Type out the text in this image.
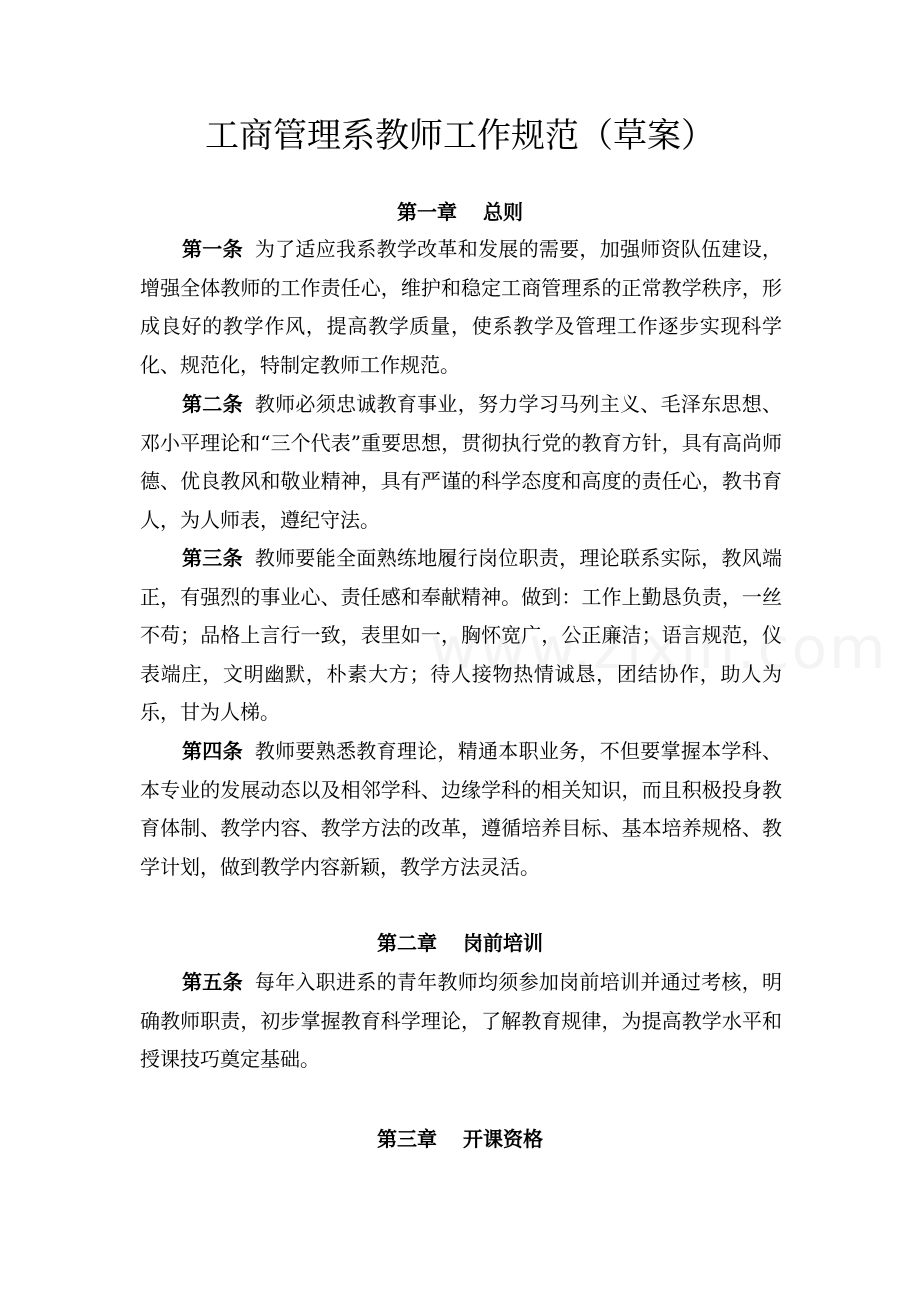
工商管理系教师工作规范（草案）
第一章 总则

第一条 为了适应我系教学改革和发展的需要，加强师资队伍建设，增强全体教师的工作责任心，维护和稳定工商管理系的正常教学秩序，形成良好的教学作风，提高教学质量，使系教学及管理工作逐步实现科学化、规范化，特制定教师工作规范。

第二条 教师必须忠诚教育事业，努力学习马列主义、毛泽东思想、邓小平理论和“三个代表”重要思想，贯彻执行党的教育方针，具有高尚师德、优良教风和敬业精神，具有严谨的科学态度和高度的责任心，教书育人，为人师表，遵纪守法。

第三条 教师要能全面熟练地履行岗位职责，理论联系实际，教风端正，有强烈的事业心、责任感和奉献精神。做到：工作上勤恳负责，一丝不苟；品格上言行一致，表里如一，胸怀宽广，公正廉洁；语言规范，仪表端庄，文明幽默，朴素大方；待人接物热情诚恳，团结协作，助人为乐，甘为人梯。

第四条 教师要熟悉教育理论，精通本职业务，不但要掌握本学科、本专业的发展动态以及相邻学科、边缘学科的相关知识，而且积极投身教育体制、教学内容、教学方法的改革，遵循培养目标、基本培养规格、教学计划，做到教学内容新颖，教学方法灵活。

第二章 岗前培训

第五条 每年入职进系的青年教师均须参加岗前培训并通过考核，明确教师职责，初步掌握教育科学理论，了解教育规律，为提高教学水平和授课技巧奠定基础。

第三章 开课资格
